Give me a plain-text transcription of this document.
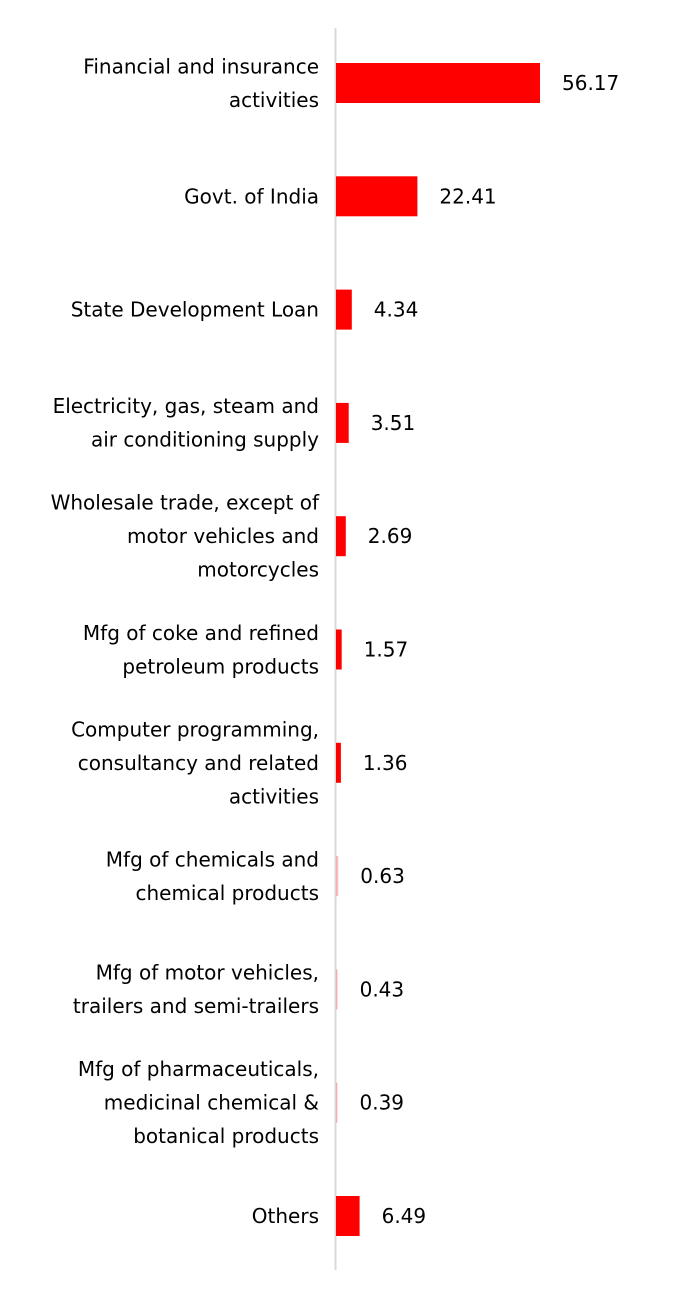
Financial and insurance activities
Govt. of India
State Development Loan
Electricity, gas, steam and air conditioning supply
Wholesale trade, except of motor vehicles and motorcycles
Mfg of coke and refined petroleum products
Computer programming, consultancy and related activities
Mfg of chemicals and chemical products
Mfg of motor vehicles, trailers and semi-trailers
Mfg of pharmaceuticals, medicinal chemical & botanical products
Others
56.17
22.41
4.34
3.51
2.69
1.57
1.36
0.63
0.43
0.39
6.49
